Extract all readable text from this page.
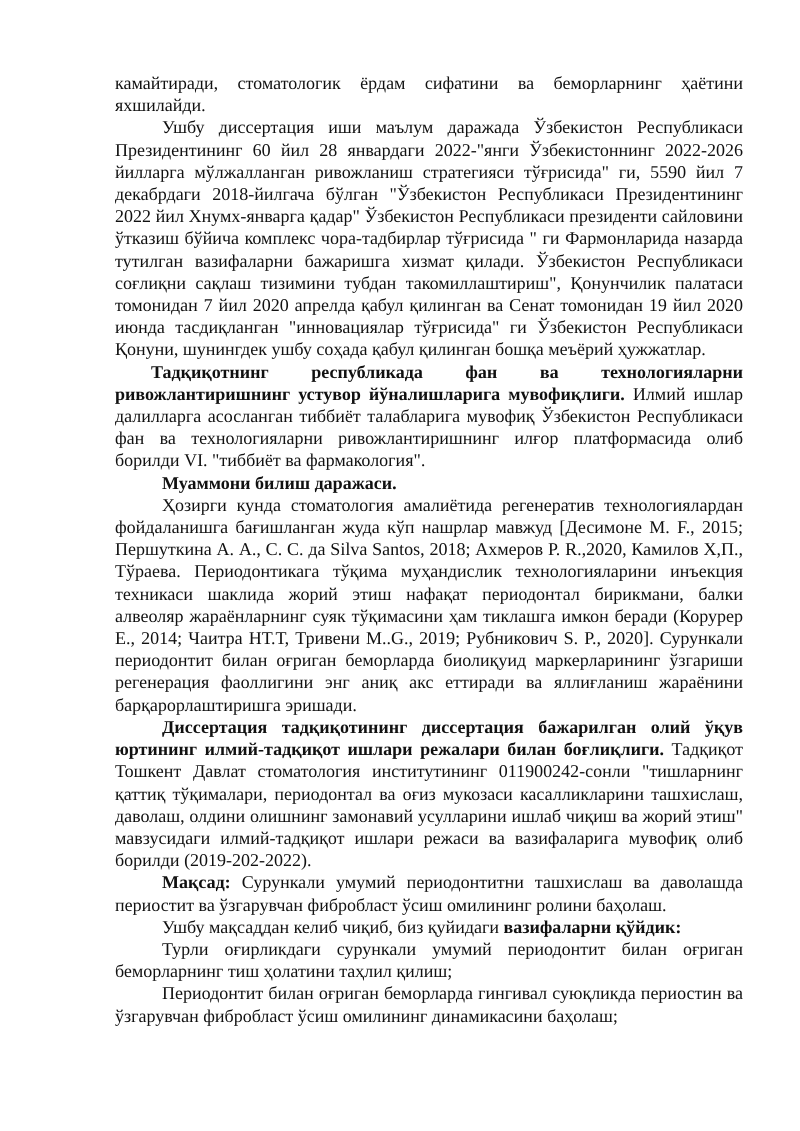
камайтиради, стоматологик ёрдам сифатини ва беморларнинг ҳаётини яхшилайди.

Ушбу диссертация иши маълум даражада Ўзбекистон Республикаси Президентининг 60 йил 28 январдаги 2022-"янги Ўзбекистоннинг 2022-2026 йилларга мўлжалланган ривожланиш стратегияси тўғрисида" ги, 5590 йил 7 декабрдаги 2018-йилгача бўлган "Ўзбекистон Республикаси Президентининг 2022 йил Хнумх-январга қадар" Ўзбекистон Республикаси президенти сайловини ўтказиш бўйича комплекс чора-тадбирлар тўғрисида " ги Фармонларида назарда тутилган вазифаларни бажаришга хизмат қилади. Ўзбекистон Республикаси соғлиқни сақлаш тизимини тубдан такомиллаштириш", Қонунчилик палатаси томонидан 7 йил 2020 апрелда қабул қилинган ва Сенат томонидан 19 йил 2020 июнда тасдиқланган "инновациялар тўғрисида" ги Ўзбекистон Республикаси Қонуни, шунингдек ушбу соҳада қабул қилинган бошқа меъёрий ҳужжатлар.

Тадқиқотнинг республикада фан ва технологияларни ривожлантиришнинг устувор йўналишларига мувофиқлиги. Илмий ишлар далилларга асосланган тиббиёт талабларига мувофиқ Ўзбекистон Республикаси фан ва технологияларни ривожлантиришнинг илғор платформасида олиб борилди VI. "тиббиёт ва фармакология".

Муаммони билиш даражаси.

Ҳозирги кунда стоматология амалиётида регенератив технологиялардан фойдаланишга бағишланган жуда кўп нашрлар мавжуд [Десимоне M. F., 2015; Першуткина А. А., С. С. да Silva Santos, 2018; Ахмеров Р. R.,2020, Камилов Х,П., Тўраева. Периодонтикага тўқима муҳандислик технологияларини инъекция техникаси шаклида жорий этиш нафақат периодонтал бирикмани, балки алвеоляр жараёнларнинг суяк тўқимасини ҳам тиклашга имкон беради (Корурер Е., 2014; Чаитра НТ.Т, Тривени M..G., 2019; Рубникович S. Р., 2020]. Сурункали периодонтит билан оғриган беморларда биолиқуид маркерларининг ўзгариши регенерация фаоллигини энг аниқ акс еттиради ва яллиғланиш жараёнини барқарорлаштиришга эришади.

Диссертация тадқиқотининг диссертация бажарилган олий ўқув юртининг илмий-тадқиқот ишлари режалари билан боғлиқлиги. Тадқиқот Тошкент Давлат стоматология институтининг 011900242-сонли "тишларнинг қаттиқ тўқималари, периодонтал ва оғиз мукозаси касалликларини ташхислаш, даволаш, олдини олишнинг замонавий усулларини ишлаб чиқиш ва жорий этиш" мавзусидаги илмий-тадқиқот ишлари режаси ва вазифаларига мувофиқ олиб борилди (2019-202-2022).

Мақсад: Сурункали умумий периодонтитни ташхислаш ва даволашда периостит ва ўзгарувчан фибробласт ўсиш омилининг ролини баҳолаш.

Ушбу мақсаддан келиб чиқиб, биз қуйидаги вазифаларни қўйдик:

Турли оғирликдаги сурункали умумий периодонтит билан оғриган беморларнинг тиш ҳолатини таҳлил қилиш;

Периодонтит билан оғриган беморларда гингивал суюқликда периостин ва ўзгарувчан фибробласт ўсиш омилининг динамикасини баҳолаш;
